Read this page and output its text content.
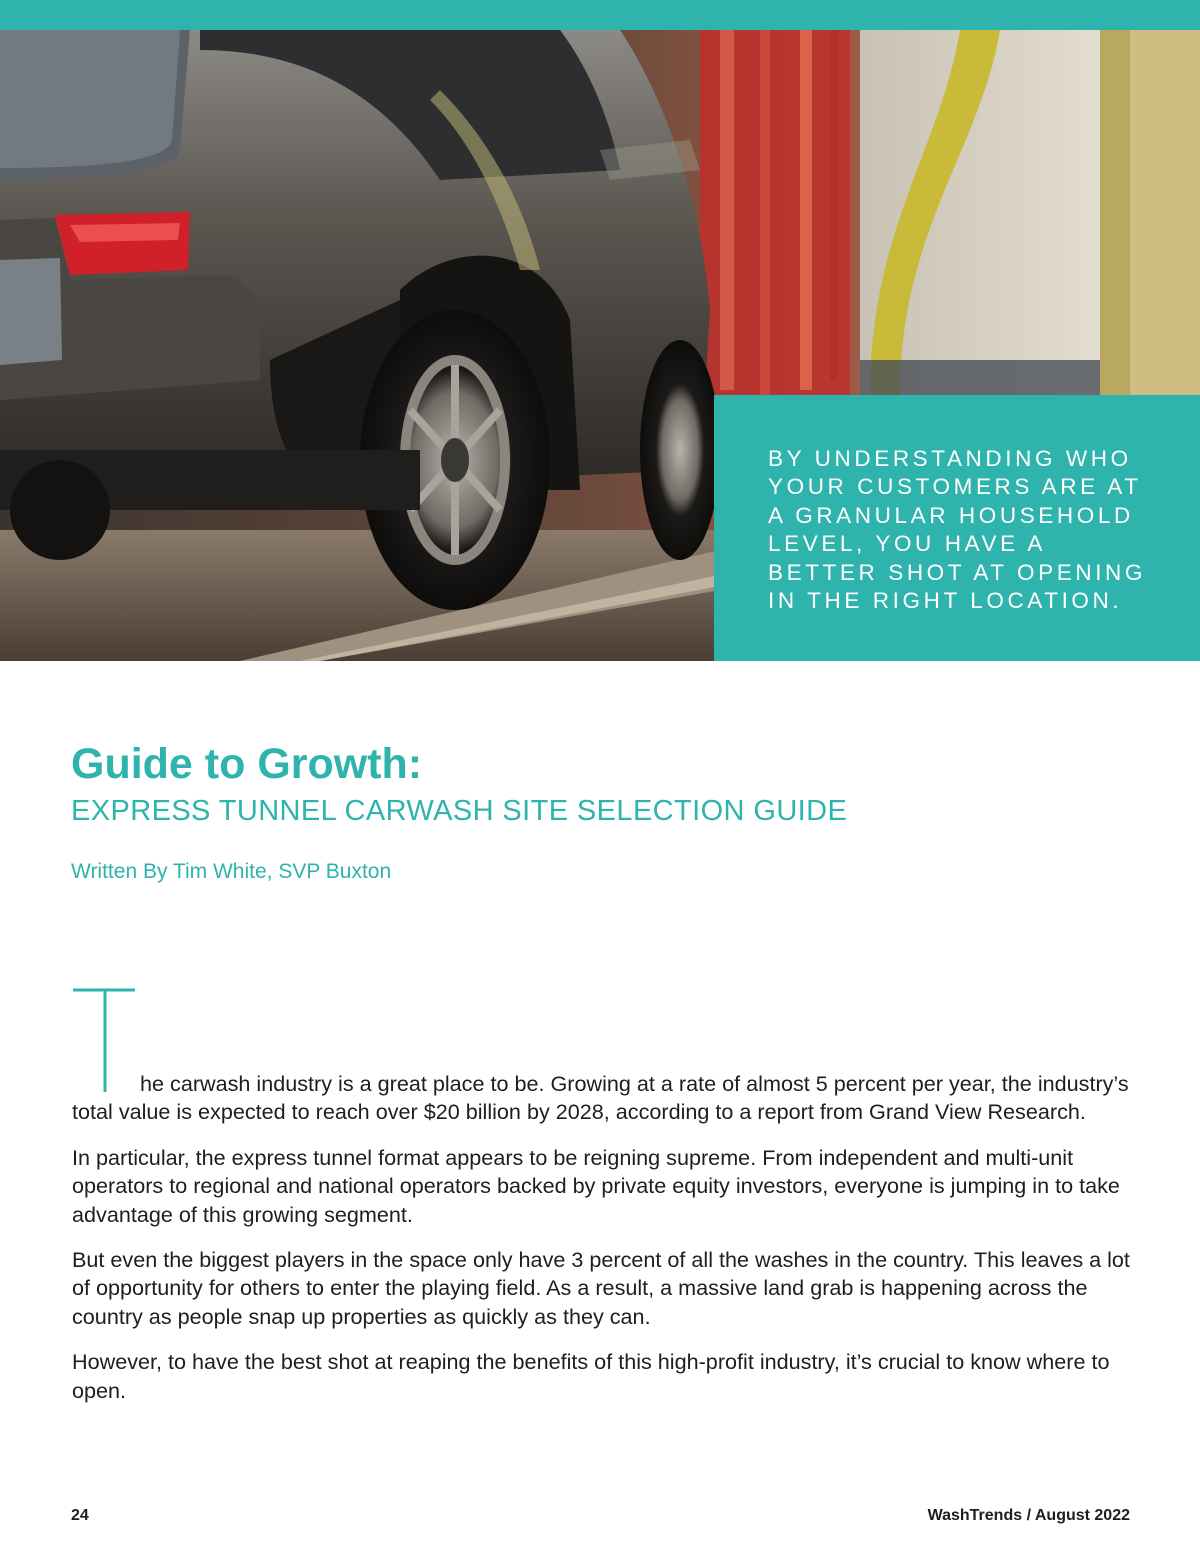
BY UNDERSTANDING WHO YOUR CUSTOMERS ARE AT A GRANULAR HOUSEHOLD LEVEL, YOU HAVE A BETTER SHOT AT OPENING IN THE RIGHT LOCATION.

Guide to Growth:
EXPRESS TUNNEL CARWASH SITE SELECTION GUIDE

Written By Tim White, SVP Buxton

he carwash industry is a great place to be. Growing at a rate of almost 5 percent per year, the industry’s total value is expected to reach over $20 billion by 2028, according to a report from Grand View Research.

In particular, the express tunnel format appears to be reigning supreme. From independent and multi-unit operators to regional and national operators backed by private equity investors, everyone is jumping in to take advantage of this growing segment.

But even the biggest players in the space only have 3 percent of all the washes in the country. This leaves a lot of opportunity for others to enter the playing field. As a result, a massive land grab is happening across the country as people snap up properties as quickly as they can.

However, to have the best shot at reaping the benefits of this high-profit industry, it’s crucial to know where to open.

24	WashTrends / August 2022
